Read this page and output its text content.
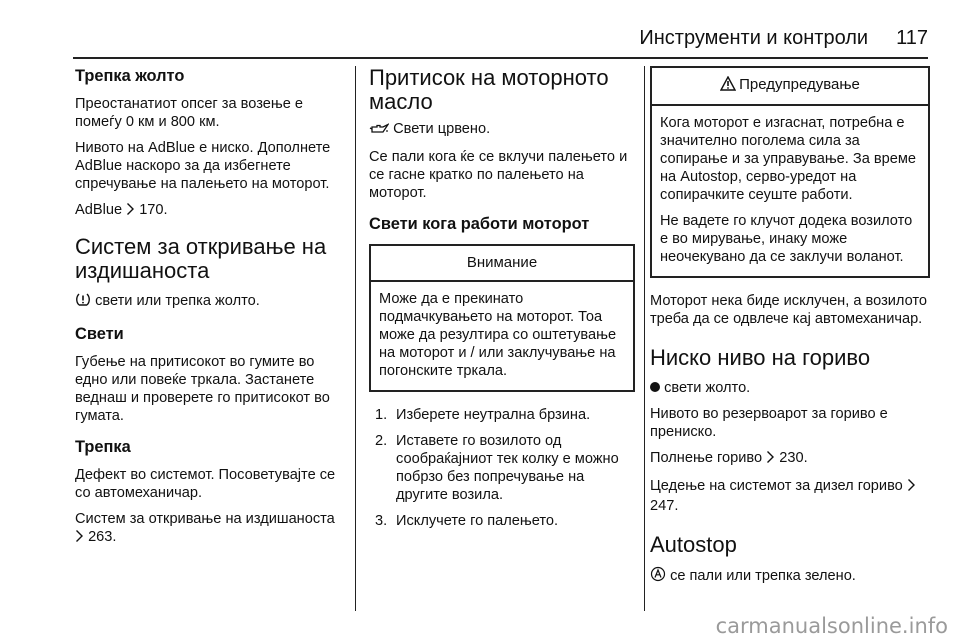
Инструменти и контроли 117
Трепка жолто

Преостанатиот опсег за возење е помеѓу 0 км и 800 км.

Нивото на AdBlue е ниско. Дополнете AdBlue наскоро за да избегнете спречување на палењето на моторот.

AdBlue 170.

Систем за откривање на издишаноста

свети или трепка жолто.

Свети

Губење на притисокот во гумите во едно или повеќе тркала. Застанете веднаш и проверете го притисокот во гумата.

Трепка

Дефект во системот. Посоветувајте се со автомеханичар.

Систем за откривање на издишаноста  263.

Притисок на моторното масло

Свети црвено.

Се пали кога ќе се вклучи палењето и се гасне кратко по палењето на моторот.

Свети кога работи моторот
Внимание

Може да е прекинато подмачкувањето на моторот. Тоа може да резултира со оштетување на моторот и / или заклучување на погонските тркала.

1. Изберете неутрална брзина.
2. Иставете го возилото од сообраќајниот тек колку е можно побрзо без попречување на другите возила.
3. Исклучете го палењето.
Предупредување

Кога моторот е изгаснат, потребна е значително поголема сила за сопирање и за управување. За време на Autostop, серво-уредот на сопирачките сеуште работи.

Не вадете го клучот додека возилото е во мирување, инаку може неочекувано да се заклучи воланот.

Моторот нека биде исклучен, а возилото треба да се одвлече кај автомеханичар.

Ниско ниво на гориво

свети жолто.

Нивото во резервоарот за гориво е прениско.

Полнење гориво 230.

Цедење на системот за дизел гориво  247.

Autostop

се пали или трепка зелено.

carmanualsonline.info
